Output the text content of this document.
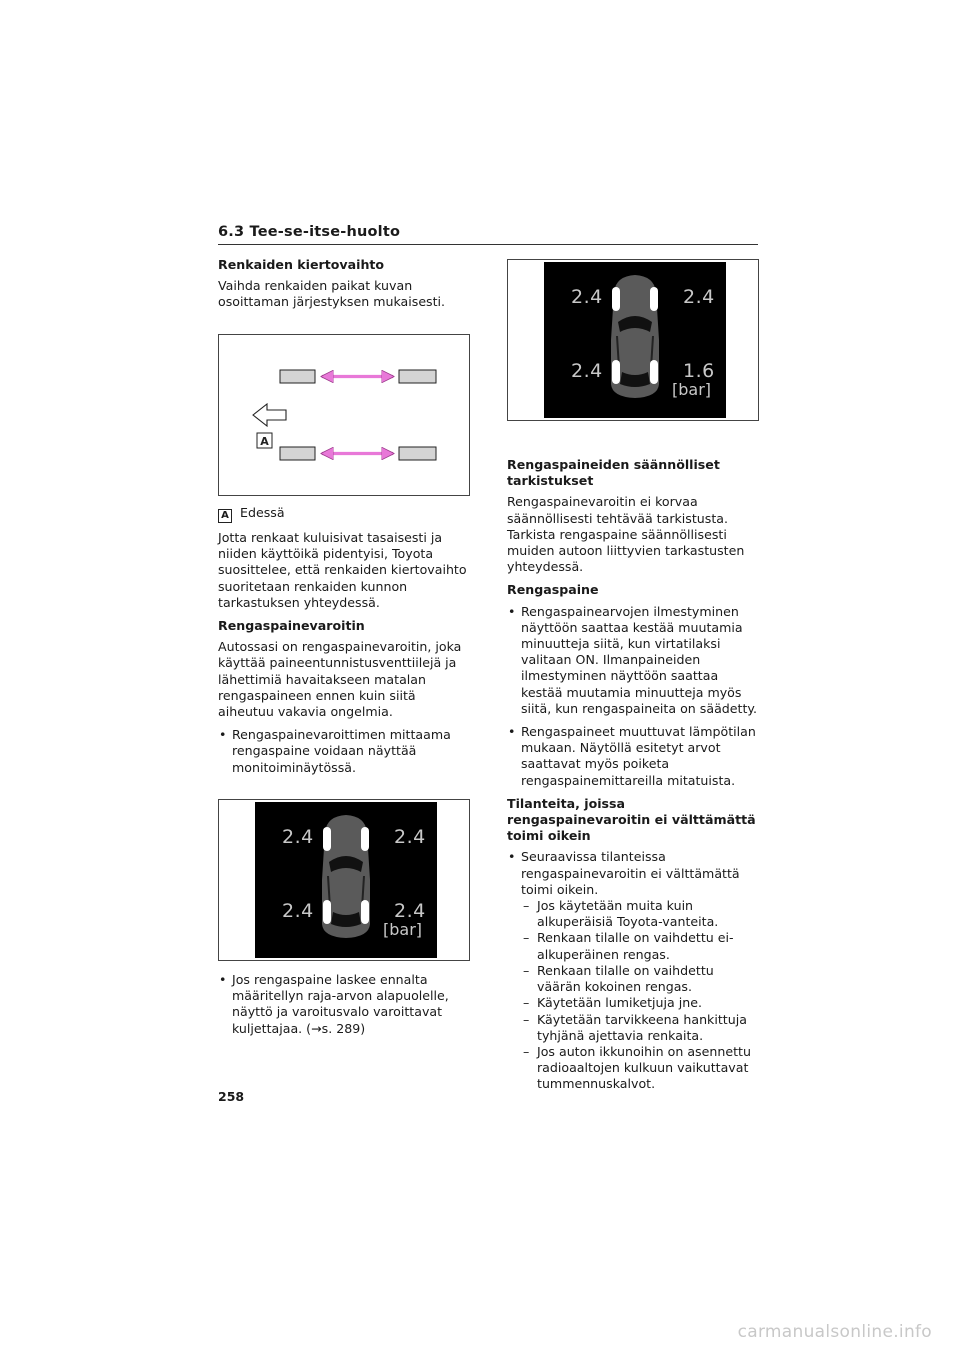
6.3 Tee-se-itse-huolto
Renkaiden kiertovaihto

Vaihda renkaiden paikat kuvan osoittaman järjestyksen mukaisesti.

A

A Edessä

Jotta renkaat kuluisivat tasaisesti ja niiden käyttöikä pidentyisi, Toyota suosittelee, että renkaiden kiertovaihto suoritetaan renkaiden kunnon tarkastuksen yhteydessä.

Rengaspainevaroitin

Autossasi on rengaspainevaroitin, joka käyttää paineentunnistusventtiilejä ja lähettimiä havaitakseen matalan rengaspaineen ennen kuin siitä aiheutuu vakavia ongelmia.

• Rengaspainevaroittimen mittaama rengaspaine voidaan näyttää monitoiminäytössä.
2.4	2.4
2.4	2.4
[bar]
• Jos rengaspaine laskee ennalta määritellyn raja-arvon alapuolelle, näyttö ja varoitusvalo varoittavat kuljettajaa. (→s. 289)
2.4	2.4
2.4	1.6
[bar]
Rengaspaineiden säännölliset tarkistukset

Rengaspainevaroitin ei korvaa säännöllisesti tehtävää tarkistusta. Tarkista rengaspaine säännöllisesti muiden autoon liittyvien tarkastusten yhteydessä.

Rengaspaine
• Rengaspainearvojen ilmestyminen näyttöön saattaa kestää muutamia minuutteja siitä, kun virtatilaksi valitaan ON. Ilmanpaineiden ilmestyminen näyttöön saattaa kestää muutamia minuutteja myös siitä, kun rengaspaineita on säädetty.
• Rengaspaineet muuttuvat lämpötilan mukaan. Näytöllä esitetyt arvot saattavat myös poiketa rengaspainemittareilla mitatuista.
Tilanteita, joissa rengaspainevaroitin ei välttämättä toimi oikein
• Seuraavissa tilanteissa rengaspainevaroitin ei välttämättä toimi oikein.
– Jos käytetään muita kuin alkuperäisiä Toyota-vanteita.
– Renkaan tilalle on vaihdettu ei-alkuperäinen rengas.
– Renkaan tilalle on vaihdettu väärän kokoinen rengas.
– Käytetään lumiketjuja jne.
– Käytetään tarvikkeena hankittuja tyhjänä ajettavia renkaita.
– Jos auton ikkunoihin on asennettu radioaaltojen kulkuun vaikuttavat tummennuskalvot.
258
carmanualsonline.info
